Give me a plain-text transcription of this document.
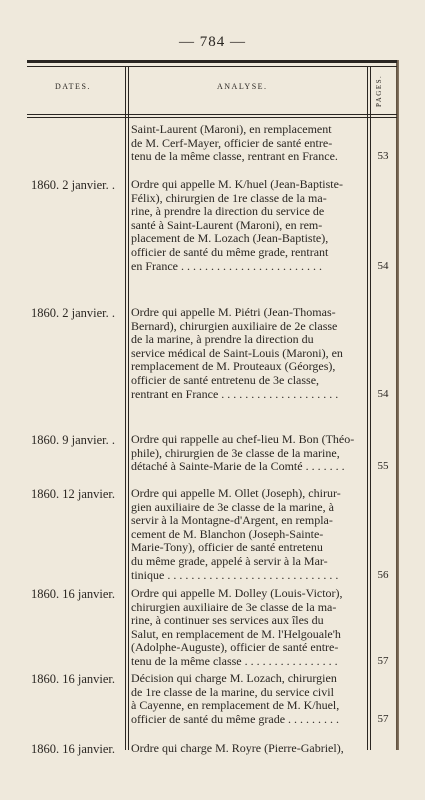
— 784 —
DATES.	ANALYSE.	PAGES.
Saint-Laurent (Maroni), en remplacement
de M. Cerf-Mayer, officier de santé entre-
tenu de la même classe, rentrant en France.	53
1860. 2 janvier. .	Ordre qui appelle M. K/huel (Jean-Baptiste-
Félix), chirurgien de 1re classe de la ma-
rine, à prendre la direction du service de
santé à Saint-Laurent (Maroni), en rem-
placement de M. Lozach (Jean-Baptiste),
officier de santé du même grade, rentrant
en France . . . . . . . . . . . . . . . . . . . . . . . .	54
1860. 2 janvier. .	Ordre qui appelle M. Piétri (Jean-Thomas-
Bernard), chirurgien auxiliaire de 2e classe
de la marine, à prendre la direction du
service médical de Saint-Louis (Maroni), en
remplacement de M. Prouteaux (Géorges),
officier de santé entretenu de 3e classe,
rentrant en France . . . . . . . . . . . . . . . . . . . .	54
1860. 9 janvier. .	Ordre qui rappelle au chef-lieu M. Bon (Théo-
phile), chirurgien de 3e classe de la marine,
détaché à Sainte-Marie de la Comté . . . . . . .	55
1860. 12 janvier.	Ordre qui appelle M. Ollet (Joseph), chirur-
gien auxiliaire de 3e classe de la marine, à
servir à la Montagne-d'Argent, en rempla-
cement de M. Blanchon (Joseph-Sainte-
Marie-Tony), officier de santé entretenu
du même grade, appelé à servir à la Mar-
tinique . . . . . . . . . . . . . . . . . . . . . . . . . . . . .	56
1860. 16 janvier.	Ordre qui appelle M. Dolley (Louis-Victor),
chirurgien auxiliaire de 3e classe de la ma-
rine, à continuer ses services aux îles du
Salut, en remplacement de M. l'Helgouale'h
(Adolphe-Auguste), officier de santé entre-
tenu de la même classe . . . . . . . . . . . . . . . .	57
1860. 16 janvier.	Décision qui charge M. Lozach, chirurgien
de 1re classe de la marine, du service civil
à Cayenne, en remplacement de M. K/huel,
officier de santé du même grade . . . . . . . . .	57
1860. 16 janvier.	Ordre qui charge M. Royre (Pierre-Gabriel),
